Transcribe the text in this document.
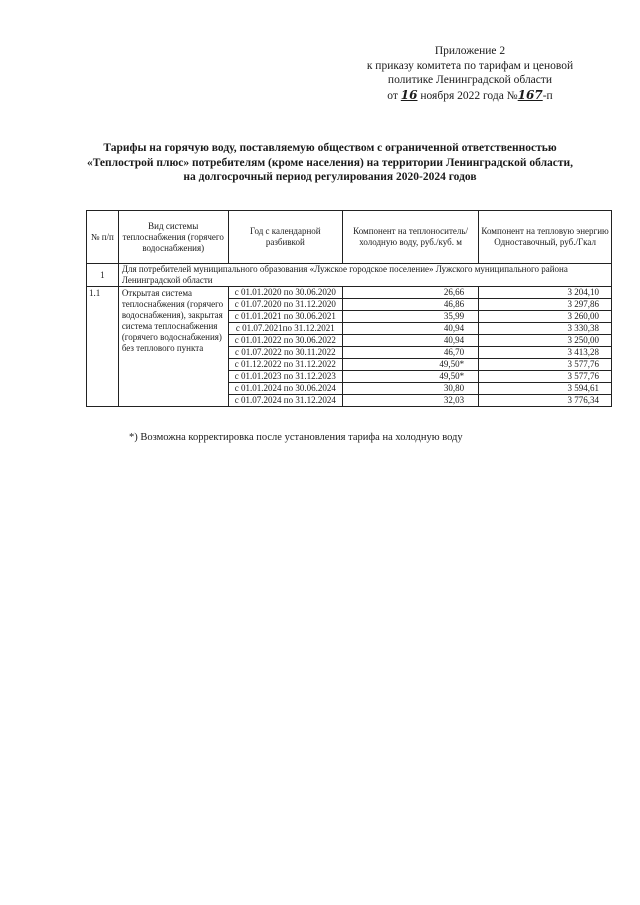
Приложение 2
к приказу комитета по тарифам и ценовой
политике Ленинградской области
от 16 ноября 2022 года №167-п
Тарифы на горячую воду, поставляемую обществом с ограниченной ответственностью
«Теплострой плюс» потребителям (кроме населения) на территории Ленинградской области,
на долгосрочный период регулирования 2020-2024 годов
№ п/п	Вид системы теплоснабжения (горячего водоснабжения)	Год с календарной разбивкой	Компонент на теплоноситель/холодную воду, руб./куб. м	Компонент на тепловую энергию Одноставочный, руб./Гкал
1	Для потребителей муниципального образования «Лужское городское поселение» Лужского муниципального района Ленинградской области			
1.1	Открытая система теплоснабжения (горячего водоснабжения), закрытая система теплоснабжения (горячего водоснабжения) без теплового пункта	с 01.01.2020 по 30.06.2020	26,66	3 204,10
		с 01.07.2020 по 31.12.2020	46,86	3 297,86
		с 01.01.2021 по 30.06.2021	35,99	3 260,00
		с 01.07.2021по 31.12.2021	40,94	3 330,38
		с 01.01.2022 по 30.06.2022	40,94	3 250,00
		с 01.07.2022 по 30.11.2022	46,70	3 413,28
		с 01.12.2022 по 31.12.2022	49,50*	3 577,76
		с 01.01.2023 по 31.12.2023	49,50*	3 577,76
		с 01.01.2024 по 30.06.2024	30,80	3 594,61
		с 01.07.2024 по 31.12.2024	32,03	3 776,34
*) Возможна корректировка после установления тарифа на холодную воду
